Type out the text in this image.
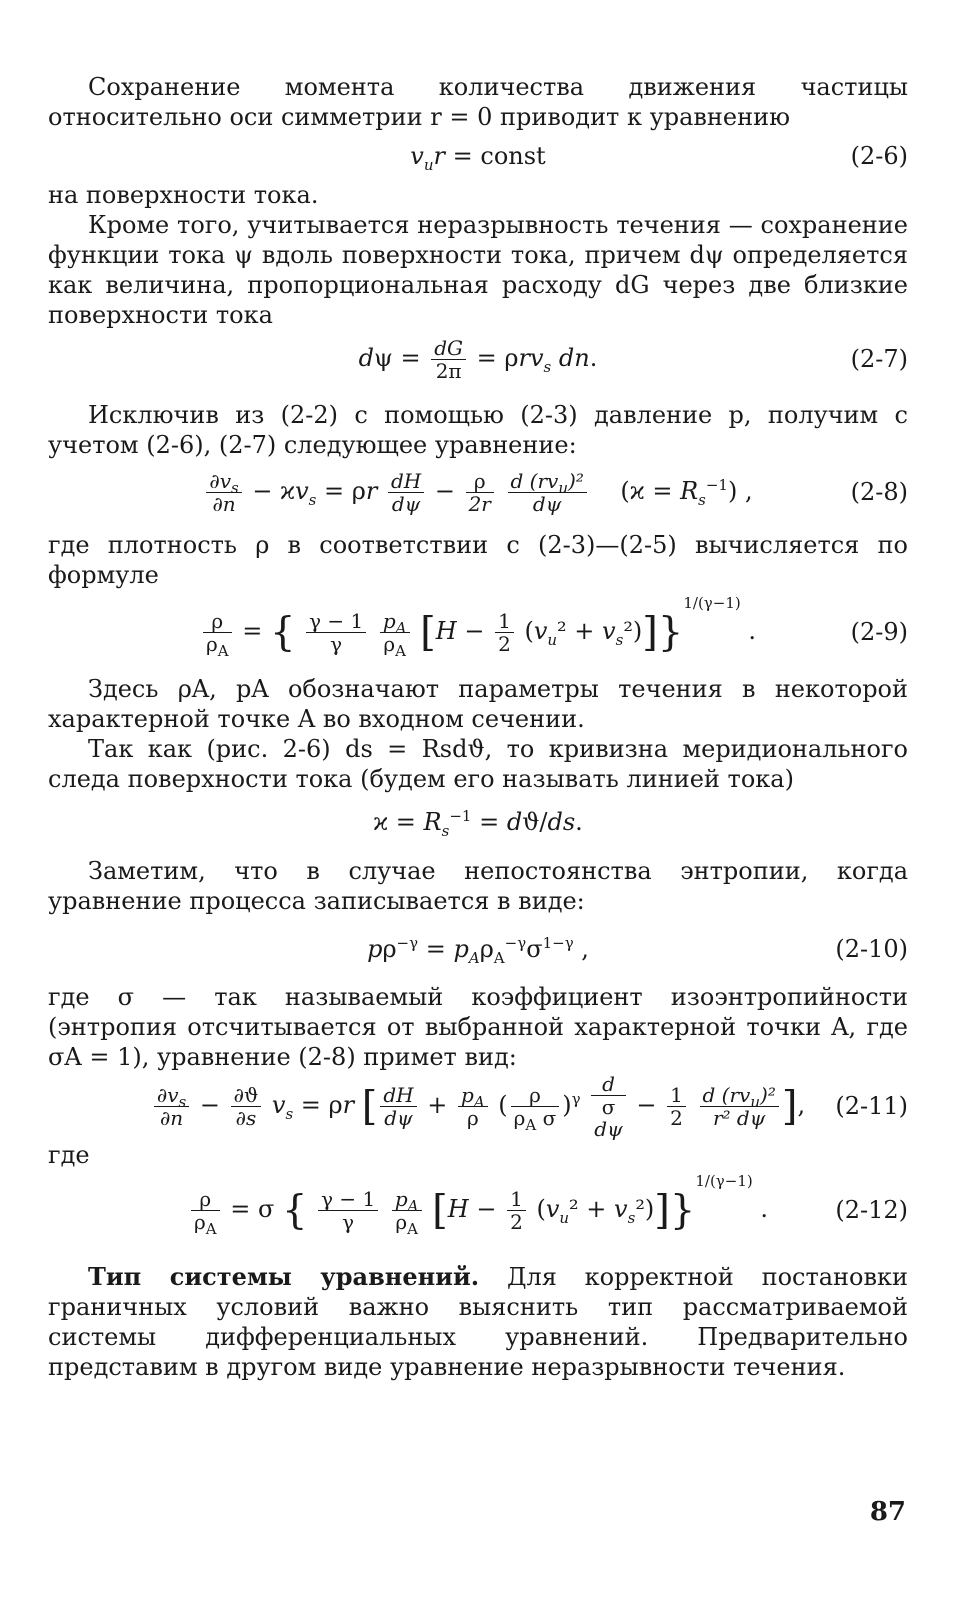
Сохранение момента количества движения частицы относительно оси симметрии r = 0 приводит к уравнению

$v_ur$ = const	(2-6)

на поверхности тока.

Кроме того, учитывается неразрывность течения — сохранение функции тока ψ вдоль поверхности тока, причем dψ определяется как величина, пропорциональная расходу dG через две близкие поверхности тока

$d\psi = \frac{dG}{2\pi} = \rho rv_s$ dn.	(2-7)

Исключив из (2-2) с помощью (2-3) давление p, получим с учетом (2-6), (2-7) следующее уравнение:

$\frac{\partial v_s}{\partial n} - ϰv_s = \rho r \frac{dH}{d\psi} - \frac{\rho}{2r}$
$\frac{d (rv_u)^2}{d\psi} (ϰ = R_s^{-1})$ ,	(2-8)

где плотность ρ в соответствии с (2-3)—(2-5) вычисляется по формуле

$\frac{\rho}{\rho_A}$ = { $\frac{\gamma - 1}{\gamma}$
$\frac{p_A}{\rho_A} [H - \frac{1}{2} (v_u^2 + v_s^2)]\}^{1/(\gamma-1)}$ .	(2-9)

Здесь ρA, pA обозначают параметры течения в некоторой характерной точке A во входном сечении.

Так как (рис. 2-6) ds = Rsdϑ, то кривизна меридионального следа поверхности тока (будем его называть линией тока)

$ϰ = R_s^{-1} = dϑ/ds$.

Заметим, что в случае непостоянства энтропии, когда уравнение процесса записывается в виде:

$p\rho^{-\gamma} = p_A\rho_A^{-\gamma}\sigma^{1-\gamma}$ ,	(2-10)

где σ — так называемый коэффициент изоэнтропийности (энтропия отсчитывается от выбранной характерной точки A, где σA = 1), уравнение (2-8) примет вид:

$\frac{\partial v_s}{\partial n} - \frac{\partial ϑ}{\partial s} v_s = \rho r$ [ $\frac{dH}{d\psi} + \frac{p_A}{\rho}$ ( $\frac{\rho}{\rho_A \sigma} )^\gamma$
d
σ
dψ
− $\frac{1}{2}$
$\frac{d (rv_u)^2}{\text{r² dψ}}$ ], (2-11)

где

$\frac{\rho}{\rho_A} = \sigma$ { $\frac{\gamma - 1}{\gamma}$
$\frac{p_A}{\rho_A} [H - \frac{1}{2} (v_u^2 + v_s^2)]\}^{1/(\gamma-1)}$ .	(2-12)

Тип системы уравнений. Для корректной постановки граничных условий важно выяснить тип рассматриваемой системы дифференциальных уравнений. Предварительно представим в другом виде уравнение неразрывности течения.

87
